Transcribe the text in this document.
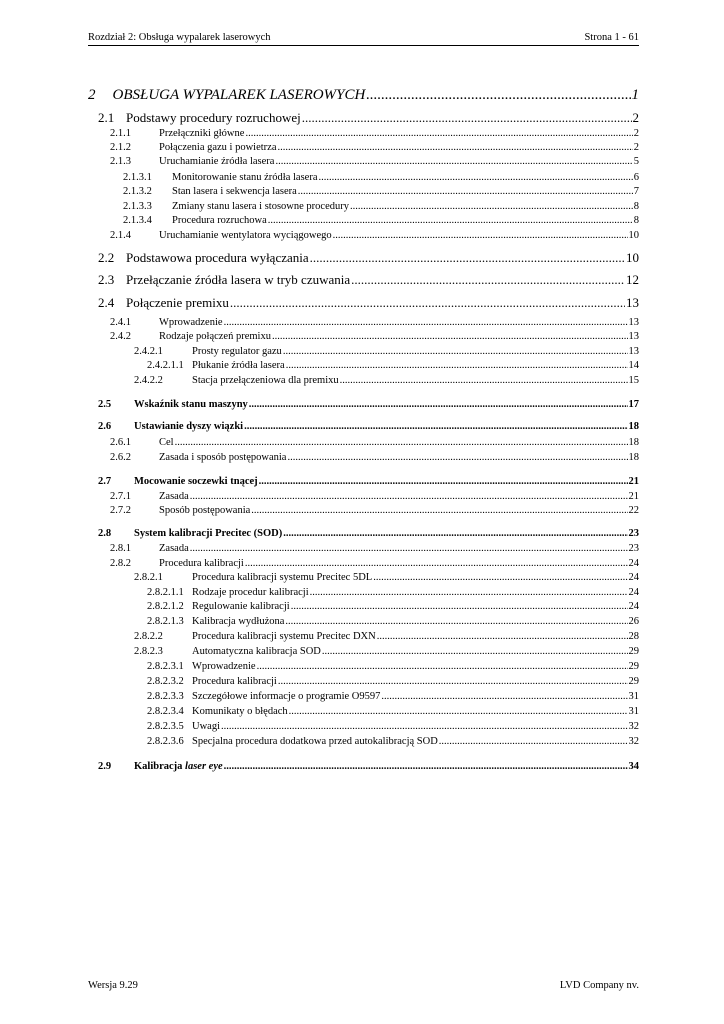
Rozdział 2: Obsługa wypalarek laserowych	Strona 1 - 61
2 OBSŁUGA WYPALAREK LASEROWYCH .....	1
2.1 Podstawy procedury rozruchowej .....	2
2.1.1	Przełączniki główne .....	2
2.1.2	Połączenia gazu i powietrza .....	2
2.1.3	Uruchamianie źródła lasera .....	5
2.1.3.1	Monitorowanie stanu źródła lasera .....	6
2.1.3.2	Stan lasera i sekwencja lasera .....	7
2.1.3.3	Zmiany stanu lasera i stosowne procedury .....	8
2.1.3.4	Procedura rozruchowa .....	8
2.1.4	Uruchamianie wentylatora wyciągowego .....	10
2.2 Podstawowa procedura wyłączania .....	10
2.3 Przełączanie źródła lasera w tryb czuwania .....	12
2.4 Połączenie premixu .....	13
2.4.1	Wprowadzenie .....	13
2.4.2	Rodzaje połączeń premixu .....	13
2.4.2.1	Prosty regulator gazu .....	13
2.4.2.1.1 Płukanie źródła lasera .....	14
2.4.2.2	Stacja przełączeniowa dla premixu .....	15
2.5	Wskaźnik stanu maszyny .....	17
2.6	Ustawianie dyszy wiązki .....	18
2.6.1	Cel .....	18
2.6.2	Zasada i sposób postępowania .....	18
2.7	Mocowanie soczewki tnącej .....	21
2.7.1	Zasada .....	21
2.7.2	Sposób postępowania .....	22
2.8	System kalibracji Precitec (SOD) .....	23
2.8.1	Zasada .....	23
2.8.2	Procedura kalibracji .....	24
2.8.2.1	Procedura kalibracji systemu Precitec 5DL .....	24
2.8.2.1.1 Rodzaje procedur kalibracji .....	24
2.8.2.1.2 Regulowanie kalibracji .....	24
2.8.2.1.3 Kalibracja wydłużona .....	26
2.8.2.2	Procedura kalibracji systemu Precitec DXN .....	28
2.8.2.3	Automatyczna kalibracja SOD .....	29
2.8.2.3.1 Wprowadzenie .....	29
2.8.2.3.2 Procedura kalibracji .....	29
2.8.2.3.3 Szczegółowe informacje o programie O9597 .....	31
2.8.2.3.4 Komunikaty o błędach .....	31
2.8.2.3.5 Uwagi .....	32
2.8.2.3.6 Specjalna procedura dodatkowa przed autokalibracją SOD .....	32
2.9	Kalibracja laser eye .....	34
Wersja 9.29	LVD Company nv.
